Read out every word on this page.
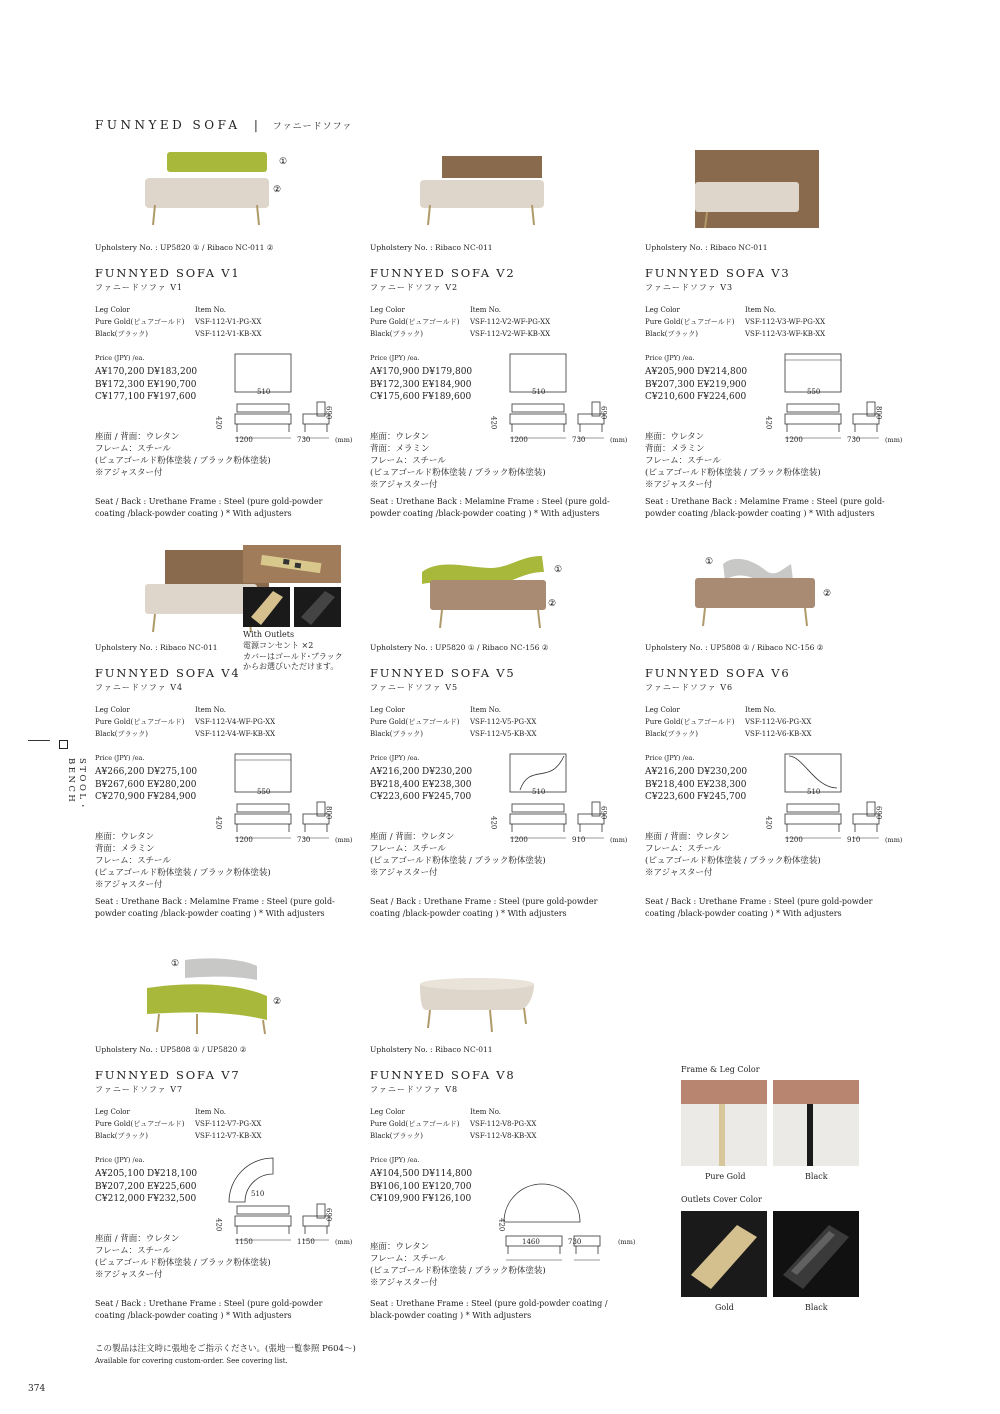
FUNNYED SOFA | ファニードソファ
STOOL・BENCH
①
②
Upholstery No. : UP5820 ① / Ribaco NC-011 ②
FUNNYED SOFA V1
ファニードソファ V1
Leg Color	Item No.
Pure Gold(ピュアゴールド)	VSF-112-V1-PG-XX
Black(ブラック)	VSF-112-V1-KB-XX
Price (JPY) /ea.
A¥170,200 D¥183,200
B¥172,300 E¥190,700
C¥177,100 F¥197,600
510
1200	730
690
420
(mm)
座面 / 背面：ウレタン
フレーム：スチール
(ピュアゴールド粉体塗装 / ブラック粉体塗装)
※アジャスター付
Seat / Back : Urethane Frame : Steel (pure gold-powder
coating /black-powder coating ) * With adjusters
Upholstery No. : Ribaco NC-011
FUNNYED SOFA V2
ファニードソファ V2
Leg Color	Item No.
Pure Gold(ピュアゴールド)	VSF-112-V2-WF-PG-XX
Black(ブラック)	VSF-112-V2-WF-KB-XX
Price (JPY) /ea.
A¥170,900 D¥179,800
B¥172,300 E¥184,900
C¥175,600 F¥189,600
510
1200	730
690
420
(mm)
座面：ウレタン
背面：メラミン
フレーム：スチール
(ピュアゴールド粉体塗装 / ブラック粉体塗装)
※アジャスター付
Seat : Urethane Back : Melamine Frame : Steel (pure gold-
powder coating /black-powder coating ) * With adjusters
Upholstery No. : Ribaco NC-011
FUNNYED SOFA V3
ファニードソファ V3
Leg Color	Item No.
Pure Gold(ピュアゴールド)	VSF-112-V3-WF-PG-XX
Black(ブラック)	VSF-112-V3-WF-KB-XX
Price (JPY) /ea.
A¥205,900 D¥214,800
B¥207,300 E¥219,900
C¥210,600 F¥224,600
550
1200	730
800
420
(mm)
座面：ウレタン
背面：メラミン
フレーム：スチール
(ピュアゴールド粉体塗装 / ブラック粉体塗装)
※アジャスター付
Seat : Urethane Back : Melamine Frame : Steel (pure gold-
powder coating /black-powder coating ) * With adjusters
Upholstery No. : Ribaco NC-011
FUNNYED SOFA V4
ファニードソファ V4
Leg Color	Item No.
Pure Gold(ピュアゴールド)	VSF-112-V4-WF-PG-XX
Black(ブラック)	VSF-112-V4-WF-KB-XX
Price (JPY) /ea.
A¥266,200 D¥275,100
B¥267,600 E¥280,200
C¥270,900 F¥284,900
550
1200	730
800
420
(mm)
座面：ウレタン
背面：メラミン
フレーム：スチール
(ピュアゴールド粉体塗装 / ブラック粉体塗装)
※アジャスター付
Seat : Urethane Back : Melamine Frame : Steel (pure gold-
powder coating /black-powder coating ) * With adjusters
①
②
Upholstery No. : UP5820 ① / Ribaco NC-156 ②
FUNNYED SOFA V5
ファニードソファ V5
Leg Color	Item No.
Pure Gold(ピュアゴールド)	VSF-112-V5-PG-XX
Black(ブラック)	VSF-112-V5-KB-XX
Price (JPY) /ea.
A¥216,200 D¥230,200
B¥218,400 E¥238,300
C¥223,600 F¥245,700
510
1200	910
690
420
(mm)
座面 / 背面：ウレタン
フレーム：スチール
(ピュアゴールド粉体塗装 / ブラック粉体塗装)
※アジャスター付
Seat / Back : Urethane Frame : Steel (pure gold-powder
coating /black-powder coating ) * With adjusters
①
②
Upholstery No. : UP5808 ① / Ribaco NC-156 ②
FUNNYED SOFA V6
ファニードソファ V6
Leg Color	Item No.
Pure Gold(ピュアゴールド)	VSF-112-V6-PG-XX
Black(ブラック)	VSF-112-V6-KB-XX
Price (JPY) /ea.
A¥216,200 D¥230,200
B¥218,400 E¥238,300
C¥223,600 F¥245,700
510
1200	910
690
420
(mm)
座面 / 背面：ウレタン
フレーム：スチール
(ピュアゴールド粉体塗装 / ブラック粉体塗装)
※アジャスター付
Seat / Back : Urethane Frame : Steel (pure gold-powder
coating /black-powder coating ) * With adjusters
①
②
Upholstery No. : UP5808 ① / UP5820 ②
FUNNYED SOFA V7
ファニードソファ V7
Leg Color	Item No.
Pure Gold(ピュアゴールド)	VSF-112-V7-PG-XX
Black(ブラック)	VSF-112-V7-KB-XX
Price (JPY) /ea.
A¥205,100 D¥218,100
B¥207,200 E¥225,600
C¥212,000 F¥232,500
510
1150	1150
690
420
(mm)
座面 / 背面：ウレタン
フレーム：スチール
(ピュアゴールド粉体塗装 / ブラック粉体塗装)
※アジャスター付
Seat / Back : Urethane Frame : Steel (pure gold-powder
coating /black-powder coating ) * With adjusters
Upholstery No. : Ribaco NC-011
FUNNYED SOFA V8
ファニードソファ V8
Leg Color	Item No.
Pure Gold(ピュアゴールド)	VSF-112-V8-PG-XX
Black(ブラック)	VSF-112-V8-KB-XX
Price (JPY) /ea.
A¥104,500 D¥114,800
B¥106,100 E¥120,700
C¥109,900 F¥126,100
1460	730
420
(mm)
座面：ウレタン
フレーム：スチール
(ピュアゴールド粉体塗装 / ブラック粉体塗装)
※アジャスター付
Seat : Urethane Frame : Steel (pure gold-powder coating /
black-powder coating ) * With adjusters
With Outlets
電源コンセント ×2
カバーはゴールド･ブラック
からお選びいただけます。
Frame & Leg Color
Pure Gold	Black
Outlets Cover Color
Gold	Black
この製品は注文時に張地をご指示ください。(張地一覧参照 P604〜)
Available for covering custom-order. See covering list.
374
